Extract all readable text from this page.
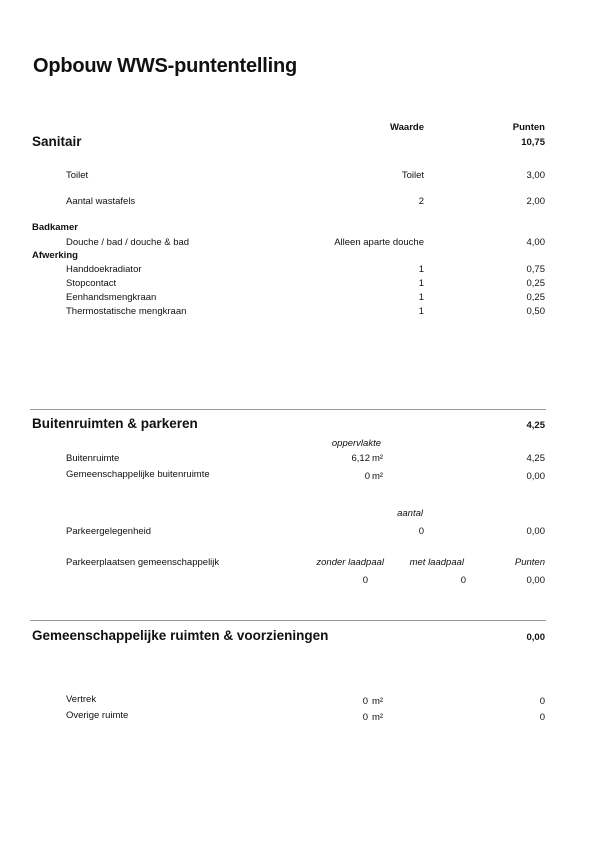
Opbouw WWS-puntentelling
Waarde	Punten
Sanitair	10,75
Toilet	Toilet	3,00
Aantal wastafels	2	2,00
Badkamer
Douche / bad / douche & bad	Alleen aparte douche	4,00
Afwerking
Handdoekradiator	1	0,75
Stopcontact	1	0,25
Eenhandsmengkraan	1	0,25
Thermostatische mengkraan	1	0,50
Buitenruimten & parkeren	4,25
oppervlakte
Buitenruimte	6,12 m²	4,25
Gemeenschappelijke buitenruimte	0 m²	0,00
aantal
Parkeergelegenheid	0	0,00
Parkeerplaatsen gemeenschappelijk	zonder laadpaal	met laadpaal	Punten
0	0	0,00
Gemeenschappelijke ruimten & voorzieningen	0,00
Vertrek	0 m²	0
Overige ruimte	0 m²	0
